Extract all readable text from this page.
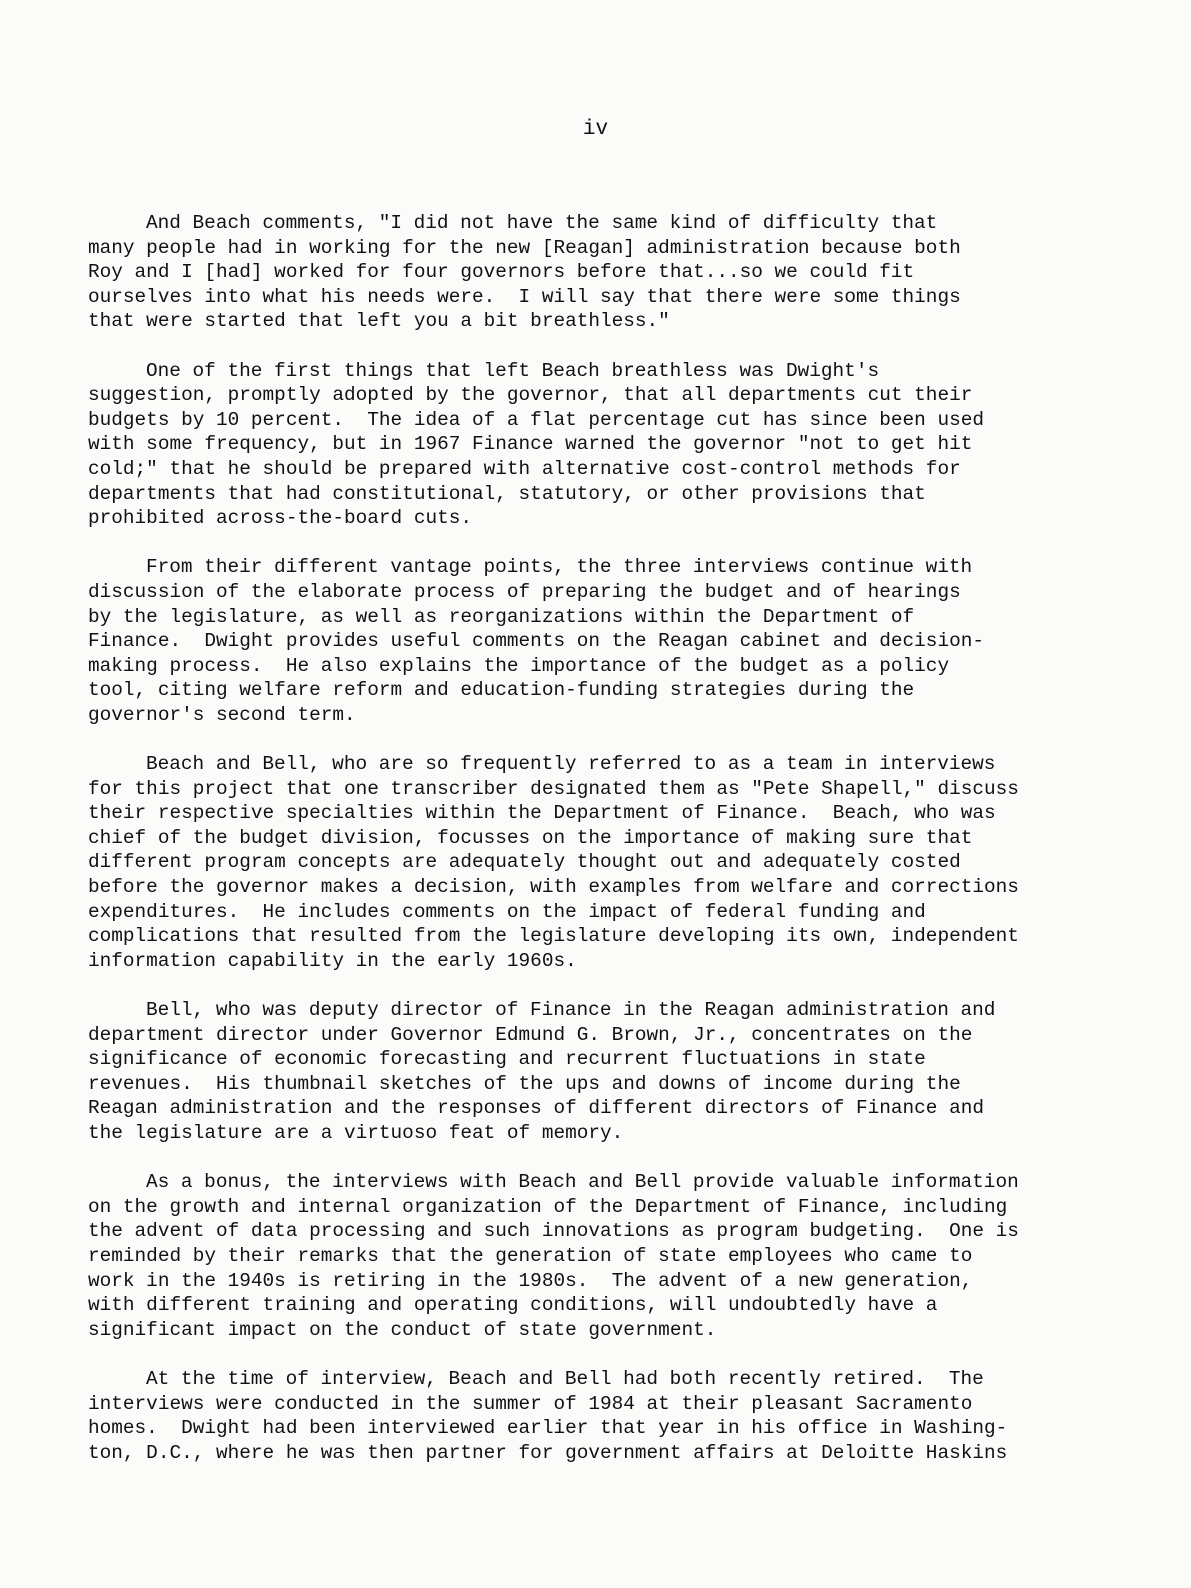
iv
And Beach comments, "I did not have the same kind of difficulty that
many people had in working for the new [Reagan] administration because both
Roy and I [had] worked for four governors before that...so we could fit
ourselves into what his needs were.  I will say that there were some things
that were started that left you a bit breathless."
One of the first things that left Beach breathless was Dwight's
suggestion, promptly adopted by the governor, that all departments cut their
budgets by 10 percent.  The idea of a flat percentage cut has since been used
with some frequency, but in 1967 Finance warned the governor "not to get hit
cold;" that he should be prepared with alternative cost-control methods for
departments that had constitutional, statutory, or other provisions that
prohibited across-the-board cuts.
From their different vantage points, the three interviews continue with
discussion of the elaborate process of preparing the budget and of hearings
by the legislature, as well as reorganizations within the Department of
Finance.  Dwight provides useful comments on the Reagan cabinet and decision-
making process.  He also explains the importance of the budget as a policy
tool, citing welfare reform and education-funding strategies during the
governor's second term.
Beach and Bell, who are so frequently referred to as a team in interviews
for this project that one transcriber designated them as "Pete Shapell," discuss
their respective specialties within the Department of Finance.  Beach, who was
chief of the budget division, focusses on the importance of making sure that
different program concepts are adequately thought out and adequately costed
before the governor makes a decision, with examples from welfare and corrections
expenditures.  He includes comments on the impact of federal funding and
complications that resulted from the legislature developing its own, independent
information capability in the early 1960s.
Bell, who was deputy director of Finance in the Reagan administration and
department director under Governor Edmund G. Brown, Jr., concentrates on the
significance of economic forecasting and recurrent fluctuations in state
revenues.  His thumbnail sketches of the ups and downs of income during the
Reagan administration and the responses of different directors of Finance and
the legislature are a virtuoso feat of memory.
As a bonus, the interviews with Beach and Bell provide valuable information
on the growth and internal organization of the Department of Finance, including
the advent of data processing and such innovations as program budgeting.  One is
reminded by their remarks that the generation of state employees who came to
work in the 1940s is retiring in the 1980s.  The advent of a new generation,
with different training and operating conditions, will undoubtedly have a
significant impact on the conduct of state government.
At the time of interview, Beach and Bell had both recently retired.  The
interviews were conducted in the summer of 1984 at their pleasant Sacramento
homes.  Dwight had been interviewed earlier that year in his office in Washing-
ton, D.C., where he was then partner for government affairs at Deloitte Haskins
